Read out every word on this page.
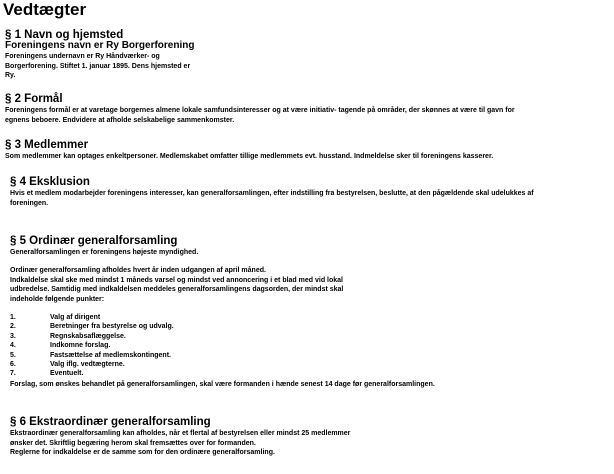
Vedtægter
§ 1 Navn og hjemsted
Foreningens navn er Ry Borgerforening
Foreningens undernavn er Ry Håndværker- og
Borgerforening. Stiftet 1. januar 1895. Dens hjemsted er
Ry.
§ 2 Formål
Foreningens formål er at varetage borgernes almene lokale samfundsinteresser og at være initiativ- tagende på områder, der skønnes at være til gavn for
egnens beboere. Endvidere at afholde selskabelige sammenkomster.
§ 3 Medlemmer
Som medlemmer kan optages enkeltpersoner. Medlemskabet omfatter tillige medlemmets evt. husstand. Indmeldelse sker til foreningens kasserer.
§ 4 Eksklusion
Hvis et medlem modarbejder foreningens interesser, kan generalforsamlingen, efter indstilling fra bestyrelsen, beslutte, at den pågældende skal udelukkes af
foreningen.
§ 5 Ordinær generalforsamling
Generalforsamlingen er foreningens højeste myndighed.
Ordinær generalforsamling afholdes hvert år inden udgangen af april måned.
Indkaldelse skal ske med mindst 1 måneds varsel og mindst ved annoncering i et blad med vid lokal
udbredelse. Samtidig med indkaldelsen meddeles generalforsamlingens dagsorden, der mindst skal
indeholde følgende punkter:
1.	Valg af dirigent
2.	Beretninger fra bestyrelse og udvalg.
3.	Regnskabsaflæggelse.
4.	Indkomne forslag.
5.	Fastsættelse af medlemskontingent.
6.	Valg iflg. vedtægterne.
7.	Eventuelt.
Forslag, som ønskes behandlet på generalforsamlingen, skal være formanden i hænde senest 14 dage før generalforsamlingen.
§ 6 Ekstraordinær generalforsamling
Ekstraordinær generalforsamling kan afholdes, når et flertal af bestyrelsen eller mindst 25 medlemmer
ønsker det. Skriftlig begæring herom skal fremsættes over for formanden.
Reglerne for indkaldelse er de samme som for den ordinære generalforsamling.
